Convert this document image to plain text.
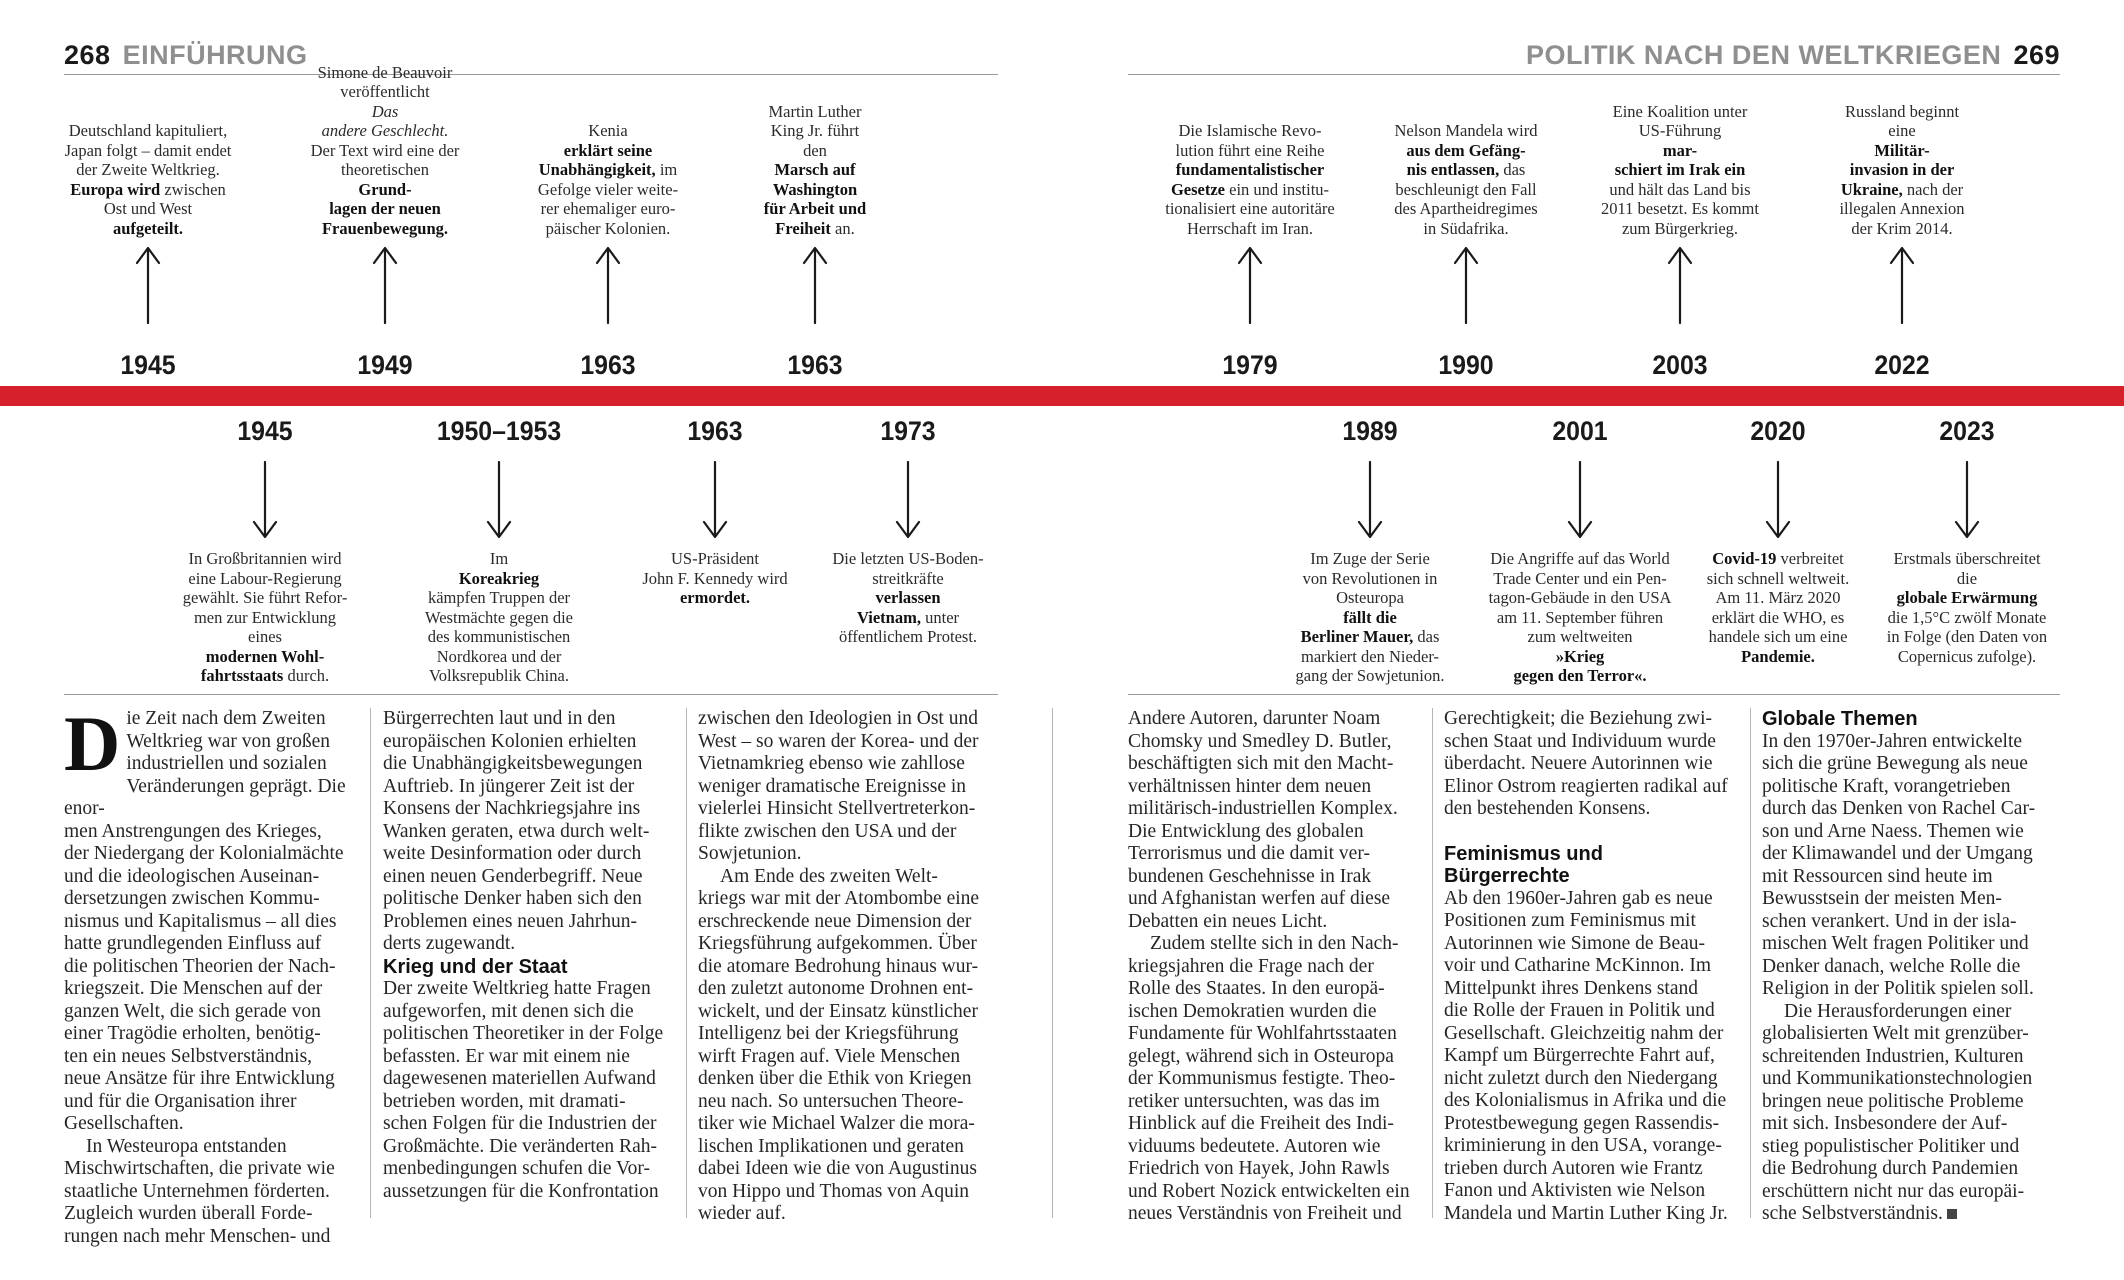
268 EINFÜHRUNG	POLITIK NACH DEN WELTKRIEGEN 269
1945
Deutschland kapituliert,
Japan folgt – damit endet
der Zweite Weltkrieg.
Europa wird zwischen
Ost und West
aufgeteilt.
1949
Simone de Beauvoir
veröffentlicht
Das
andere Geschlecht.
Der Text wird eine der
theoretischen
Grund-
lagen der neuen
Frauenbewegung.
1963
Kenia
erklärt seine
Unabhängigkeit, im
Gefolge vieler weite-
rer ehemaliger euro-
päischer Kolonien.
1963
Martin Luther
King Jr. führt
den
Marsch auf
Washington
für Arbeit und
Freiheit an.
1979
Die Islamische Revo-
lution führt eine Reihe
fundamentalistischer
Gesetze ein und institu-
tionalisiert eine autoritäre
Herrschaft im Iran.
1990
Nelson Mandela wird
aus dem Gefäng-
nis entlassen, das
beschleunigt den Fall
des Apartheidregimes
in Südafrika.
2003
Eine Koalition unter
US-Führung
mar-
schiert im Irak ein
und hält das Land bis
2011 besetzt. Es kommt
zum Bürgerkrieg.
2022
Russland beginnt
eine
Militär-
invasion in der
Ukraine, nach der
illegalen Annexion
der Krim 2014.
1945
In Großbritannien wird
eine Labour-Regierung
gewählt. Sie führt Refor-
men zur Entwicklung
eines
modernen Wohl-
fahrtsstaats durch.
1950–1953
Im
Koreakrieg
kämpfen Truppen der
Westmächte gegen die
des kommunistischen
Nordkorea und der
Volksrepublik China.
1963
US-Präsident
John F. Kennedy wird
ermordet.
1973
Die letzten US-Boden-
streitkräfte
verlassen
Vietnam, unter
öffentlichem Protest.
1989
Im Zuge der Serie
von Revolutionen in
Osteuropa
fällt die
Berliner Mauer, das
markiert den Nieder-
gang der Sowjetunion.
2001
Die Angriffe auf das World
Trade Center und ein Pen-
tagon-Gebäude in den USA
am 11. September führen
zum weltweiten
»Krieg
gegen den Terror«.
2020
Covid-19 verbreitet
sich schnell weltweit.
Am 11. März 2020
erklärt die WHO, es
handele sich um eine
Pandemie.
2023
Erstmals überschreitet
die
globale Erwärmung
die 1,5°C zwölf Monate
in Folge (den Daten von
Copernicus zufolge).

Die Zeit nach dem Zweiten
Weltkrieg war von großen
industriellen und sozialen
Veränderungen geprägt. Die enor-
men Anstrengungen des Krieges,
der Niedergang der Kolonialmächte
und die ideologischen Auseinan-
dersetzungen zwischen Kommu-
nismus und Kapitalismus – all dies
hatte grundlegenden Einfluss auf
die politischen Theorien der Nach-
kriegszeit. Die Menschen auf der
ganzen Welt, die sich gerade von
einer Tragödie erholten, benötig-
ten ein neues Selbstverständnis,
neue Ansätze für ihre Entwicklung
und für die Organisation ihrer
Gesellschaften.

In Westeuropa entstanden
Mischwirtschaften, die private wie
staatliche Unternehmen förderten.
Zugleich wurden überall Forde-
rungen nach mehr Menschen- und

Bürgerrechten laut und in den
europäischen Kolonien erhielten
die Unabhängigkeitsbewegungen
Auftrieb. In jüngerer Zeit ist der
Konsens der Nachkriegsjahre ins
Wanken geraten, etwa durch welt-
weite Desinformation oder durch
einen neuen Genderbegriff. Neue
politische Denker haben sich den
Problemen eines neuen Jahrhun-
derts zugewandt.

Krieg und der Staat

Der zweite Weltkrieg hatte Fragen
aufgeworfen, mit denen sich die
politischen Theoretiker in der Folge
befassten. Er war mit einem nie
dagewesenen materiellen Aufwand
betrieben worden, mit dramati-
schen Folgen für die Industrien der
Großmächte. Die veränderten Rah-
menbedingungen schufen die Vor-
aussetzungen für die Konfrontation

zwischen den Ideologien in Ost und
West – so waren der Korea- und der
Vietnamkrieg ebenso wie zahllose
weniger dramatische Ereignisse in
vielerlei Hinsicht Stellvertreterkon-
flikte zwischen den USA und der
Sowjetunion.

Am Ende des zweiten Welt-
kriegs war mit der Atombombe eine
erschreckende neue Dimension der
Kriegsführung aufgekommen. Über
die atomare Bedrohung hinaus wur-
den zuletzt autonome Drohnen ent-
wickelt, und der Einsatz künstlicher
Intelligenz bei der Kriegsführung
wirft Fragen auf. Viele Menschen
denken über die Ethik von Kriegen
neu nach. So untersuchen Theore-
tiker wie Michael Walzer die mora-
lischen Implikationen und geraten
dabei Ideen wie die von Augustinus
von Hippo und Thomas von Aquin
wieder auf.

Andere Autoren, darunter Noam
Chomsky und Smedley D. Butler,
beschäftigten sich mit den Macht-
verhältnissen hinter dem neuen
militärisch-industriellen Komplex.
Die Entwicklung des globalen
Terrorismus und die damit ver-
bundenen Geschehnisse in Irak
und Afghanistan werfen auf diese
Debatten ein neues Licht.

Zudem stellte sich in den Nach-
kriegsjahren die Frage nach der
Rolle des Staates. In den europä-
ischen Demokratien wurden die
Fundamente für Wohlfahrtsstaaten
gelegt, während sich in Osteuropa
der Kommunismus festigte. Theo-
retiker untersuchten, was das im
Hinblick auf die Freiheit des Indi-
viduums bedeutete. Autoren wie
Friedrich von Hayek, John Rawls
und Robert Nozick entwickelten ein
neues Verständnis von Freiheit und

Gerechtigkeit; die Beziehung zwi-
schen Staat und Individuum wurde
überdacht. Neuere Autorinnen wie
Elinor Ostrom reagierten radikal auf
den bestehenden Konsens.

Feminismus und
Bürgerrechte

Ab den 1960er-Jahren gab es neue
Positionen zum Feminismus mit
Autorinnen wie Simone de Beau-
voir und Catharine McKinnon. Im
Mittelpunkt ihres Denkens stand
die Rolle der Frauen in Politik und
Gesellschaft. Gleichzeitig nahm der
Kampf um Bürgerrechte Fahrt auf,
nicht zuletzt durch den Niedergang
des Kolonialismus in Afrika und die
Protestbewegung gegen Rassendis-
kriminierung in den USA, vorange-
trieben durch Autoren wie Frantz
Fanon und Aktivisten wie Nelson
Mandela und Martin Luther King Jr.

Globale Themen

In den 1970er-Jahren entwickelte
sich die grüne Bewegung als neue
politische Kraft, vorangetrieben
durch das Denken von Rachel Car-
son und Arne Naess. Themen wie
der Klimawandel und der Umgang
mit Ressourcen sind heute im
Bewusstsein der meisten Men-
schen verankert. Und in der isla-
mischen Welt fragen Politiker und
Denker danach, welche Rolle die
Religion in der Politik spielen soll.

Die Herausforderungen einer
globalisierten Welt mit grenzüber-
schreitenden Industrien, Kulturen
und Kommunikationstechnologien
bringen neue politische Probleme
mit sich. Insbesondere der Auf-
stieg populistischer Politiker und
die Bedrohung durch Pandemien
erschüttern nicht nur das europäi-
sche Selbstverständnis.
